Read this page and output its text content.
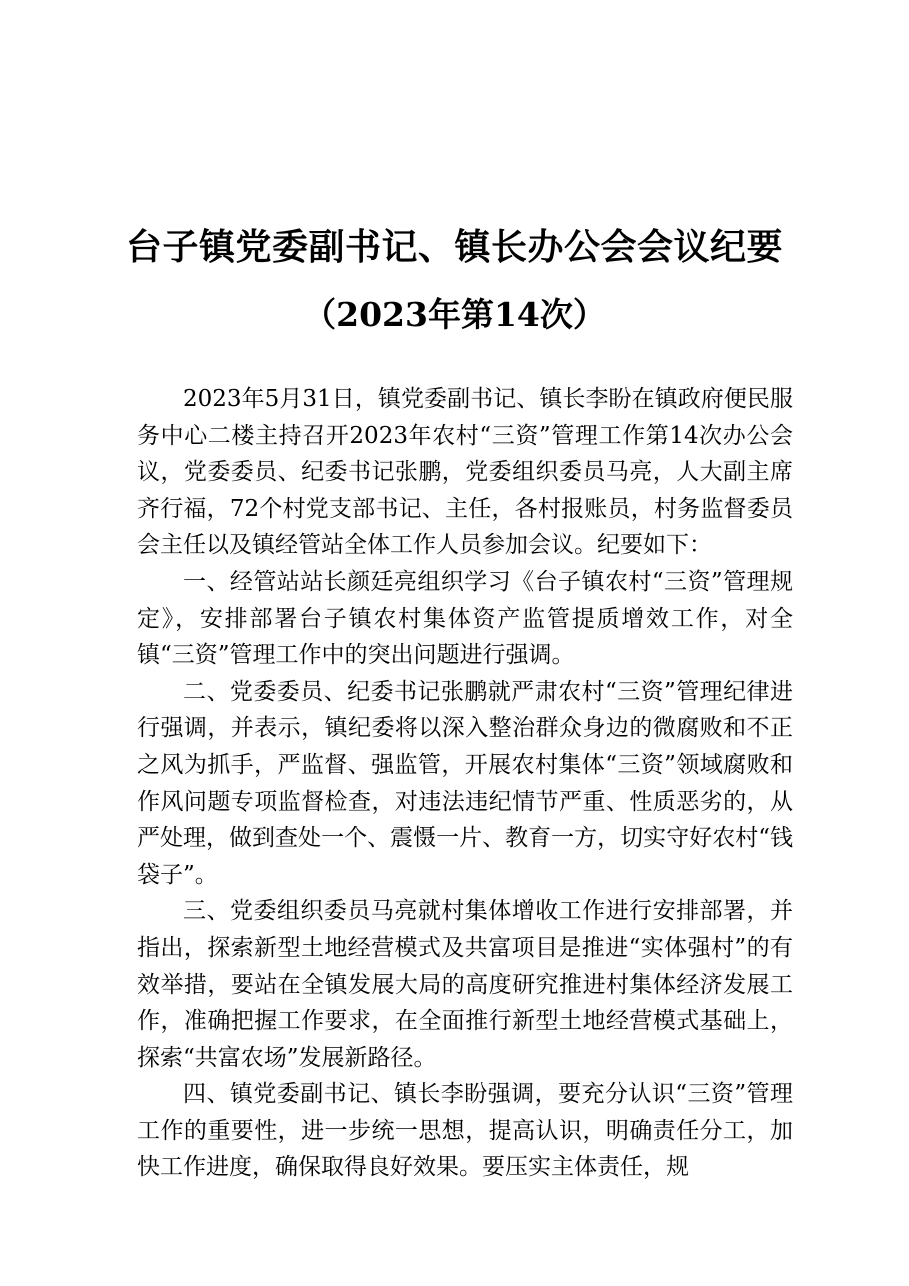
台子镇党委副书记、镇长办公会会议纪要
（2023年第14次）

2023年5月31日，镇党委副书记、镇长李盼在镇政府便民服务中心二楼主持召开2023年农村“三资”管理工作第14次办公会议，党委委员、纪委书记张鹏，党委组织委员马亮，人大副主席齐行福，72个村党支部书记、主任，各村报账员，村务监督委员会主任以及镇经管站全体工作人员参加会议。纪要如下：

一、经管站站长颜廷亮组织学习《台子镇农村“三资”管理规定》，安排部署台子镇农村集体资产监管提质增效工作，对全镇“三资”管理工作中的突出问题进行强调。

二、党委委员、纪委书记张鹏就严肃农村“三资”管理纪律进行强调，并表示，镇纪委将以深入整治群众身边的微腐败和不正之风为抓手，严监督、强监管，开展农村集体“三资”领域腐败和作风问题专项监督检查，对违法违纪情节严重、性质恶劣的，从严处理，做到查处一个、震慑一片、教育一方，切实守好农村“钱袋子”。

三、党委组织委员马亮就村集体增收工作进行安排部署，并指出，探索新型土地经营模式及共富项目是推进“实体强村”的有效举措，要站在全镇发展大局的高度研究推进村集体经济发展工作，准确把握工作要求，在全面推行新型土地经营模式基础上，探索“共富农场”发展新路径。

四、镇党委副书记、镇长李盼强调，要充分认识“三资”管理工作的重要性，进一步统一思想，提高认识，明确责任分工，加快工作进度，确保取得良好效果。要压实主体责任，规
